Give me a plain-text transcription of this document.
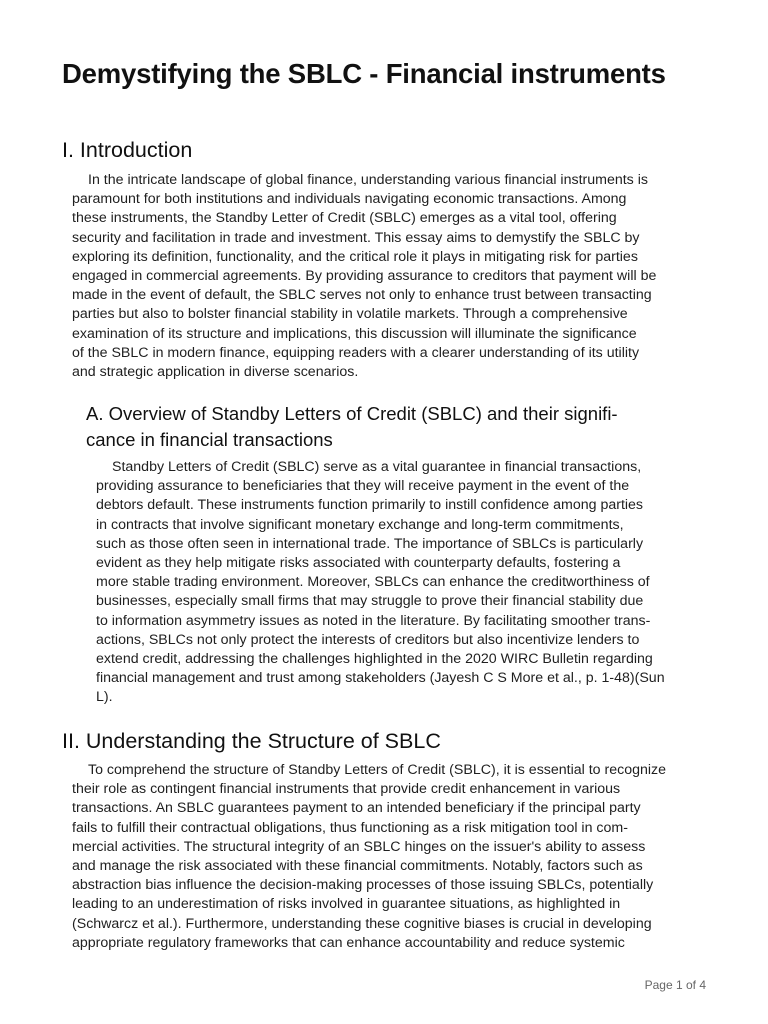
Demystifying the SBLC - Financial instruments
I. Introduction
In the intricate landscape of global finance, understanding various financial instruments is
paramount for both institutions and individuals navigating economic transactions. Among
these instruments, the Standby Letter of Credit (SBLC) emerges as a vital tool, offering
security and facilitation in trade and investment. This essay aims to demystify the SBLC by
exploring its definition, functionality, and the critical role it plays in mitigating risk for parties
engaged in commercial agreements. By providing assurance to creditors that payment will be
made in the event of default, the SBLC serves not only to enhance trust between transacting
parties but also to bolster financial stability in volatile markets. Through a comprehensive
examination of its structure and implications, this discussion will illuminate the significance
of the SBLC in modern finance, equipping readers with a clearer understanding of its utility
and strategic application in diverse scenarios.
A. Overview of Standby Letters of Credit (SBLC) and their signifi-
cance in financial transactions
Standby Letters of Credit (SBLC) serve as a vital guarantee in financial transactions,
providing assurance to beneficiaries that they will receive payment in the event of the
debtors default. These instruments function primarily to instill confidence among parties
in contracts that involve significant monetary exchange and long-term commitments,
such as those often seen in international trade. The importance of SBLCs is particularly
evident as they help mitigate risks associated with counterparty defaults, fostering a
more stable trading environment. Moreover, SBLCs can enhance the creditworthiness of
businesses, especially small firms that may struggle to prove their financial stability due
to information asymmetry issues as noted in the literature. By facilitating smoother trans-
actions, SBLCs not only protect the interests of creditors but also incentivize lenders to
extend credit, addressing the challenges highlighted in the 2020 WIRC Bulletin regarding
financial management and trust among stakeholders (Jayesh C S More et al., p. 1-48)(Sun
L).
II. Understanding the Structure of SBLC
To comprehend the structure of Standby Letters of Credit (SBLC), it is essential to recognize
their role as contingent financial instruments that provide credit enhancement in various
transactions. An SBLC guarantees payment to an intended beneficiary if the principal party
fails to fulfill their contractual obligations, thus functioning as a risk mitigation tool in com-
mercial activities. The structural integrity of an SBLC hinges on the issuer's ability to assess
and manage the risk associated with these financial commitments. Notably, factors such as
abstraction bias influence the decision-making processes of those issuing SBLCs, potentially
leading to an underestimation of risks involved in guarantee situations, as highlighted in
(Schwarcz et al.). Furthermore, understanding these cognitive biases is crucial in developing
appropriate regulatory frameworks that can enhance accountability and reduce systemic
Page 1 of 4
